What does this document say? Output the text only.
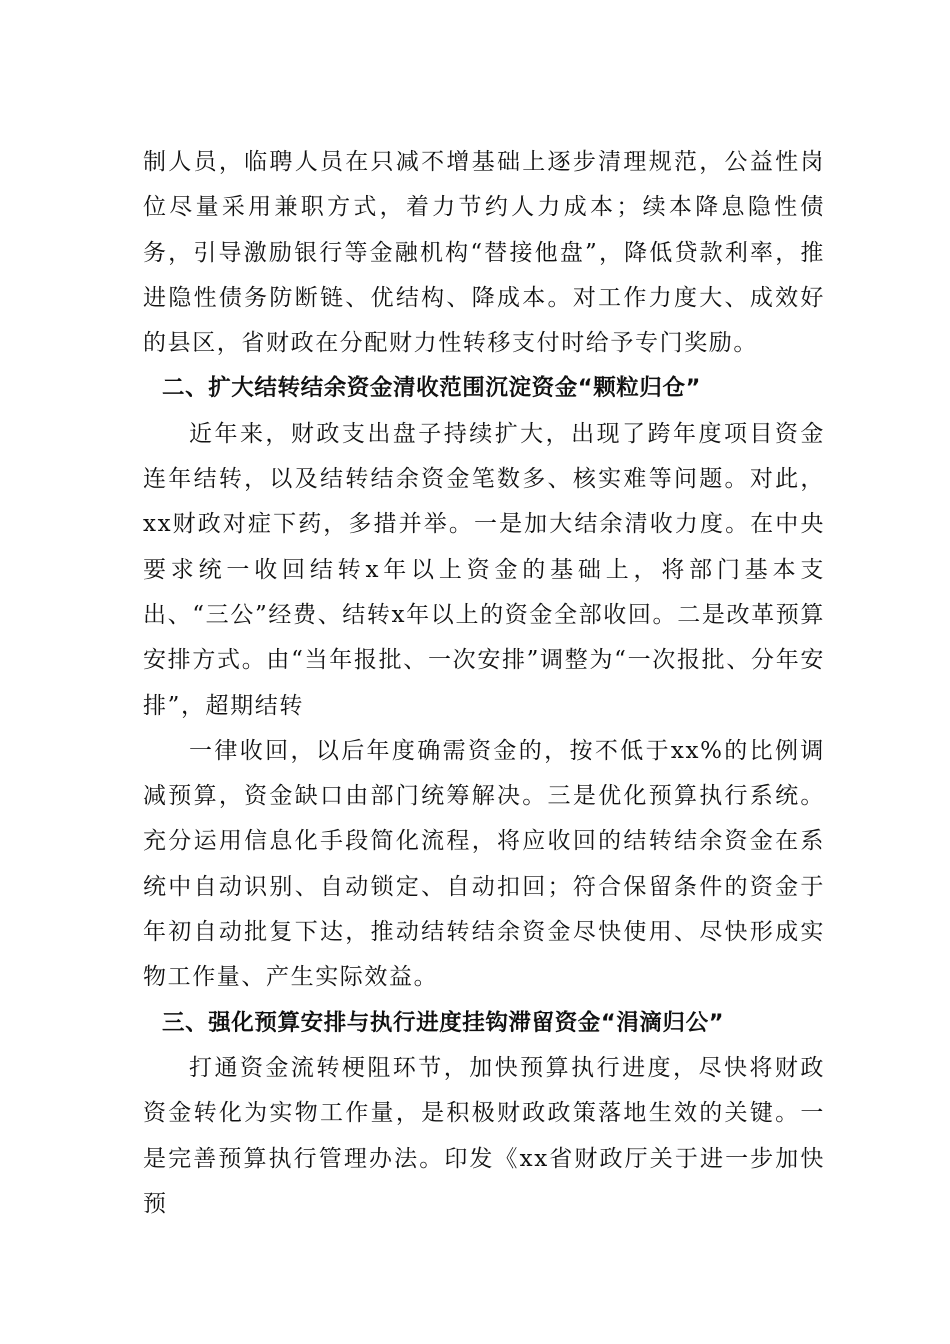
制人员，临聘人员在只减不增基础上逐步清理规范，公益性岗位尽量采用兼职方式，着力节约人力成本；续本降息隐性债务，引导激励银行等金融机构“替接他盘”，降低贷款利率，推进隐性债务防断链、优结构、降成本。对工作力度大、成效好的县区，省财政在分配财力性转移支付时给予专门奖励。

二、扩大结转结余资金清收范围沉淀资金“颗粒归仓”

近年来，财政支出盘子持续扩大，出现了跨年度项目资金连年结转，以及结转结余资金笔数多、核实难等问题。对此，xx财政对症下药，多措并举。一是加大结余清收力度。在中央要求统一收回结转x年以上资金的基础上，将部门基本支出、“三公”经费、结转x年以上的资金全部收回。二是改革预算安排方式。由“当年报批、一次安排”调整为“一次报批、分年安排”，超期结转

一律收回，以后年度确需资金的，按不低于xx%的比例调减预算，资金缺口由部门统筹解决。三是优化预算执行系统。充分运用信息化手段简化流程，将应收回的结转结余资金在系统中自动识别、自动锁定、自动扣回；符合保留条件的资金于年初自动批复下达，推动结转结余资金尽快使用、尽快形成实物工作量、产生实际效益。

三、强化预算安排与执行进度挂钩滞留资金“涓滴归公”

打通资金流转梗阻环节，加快预算执行进度，尽快将财政资金转化为实物工作量，是积极财政政策落地生效的关键。一是完善预算执行管理办法。印发《xx省财政厅关于进一步加快预
